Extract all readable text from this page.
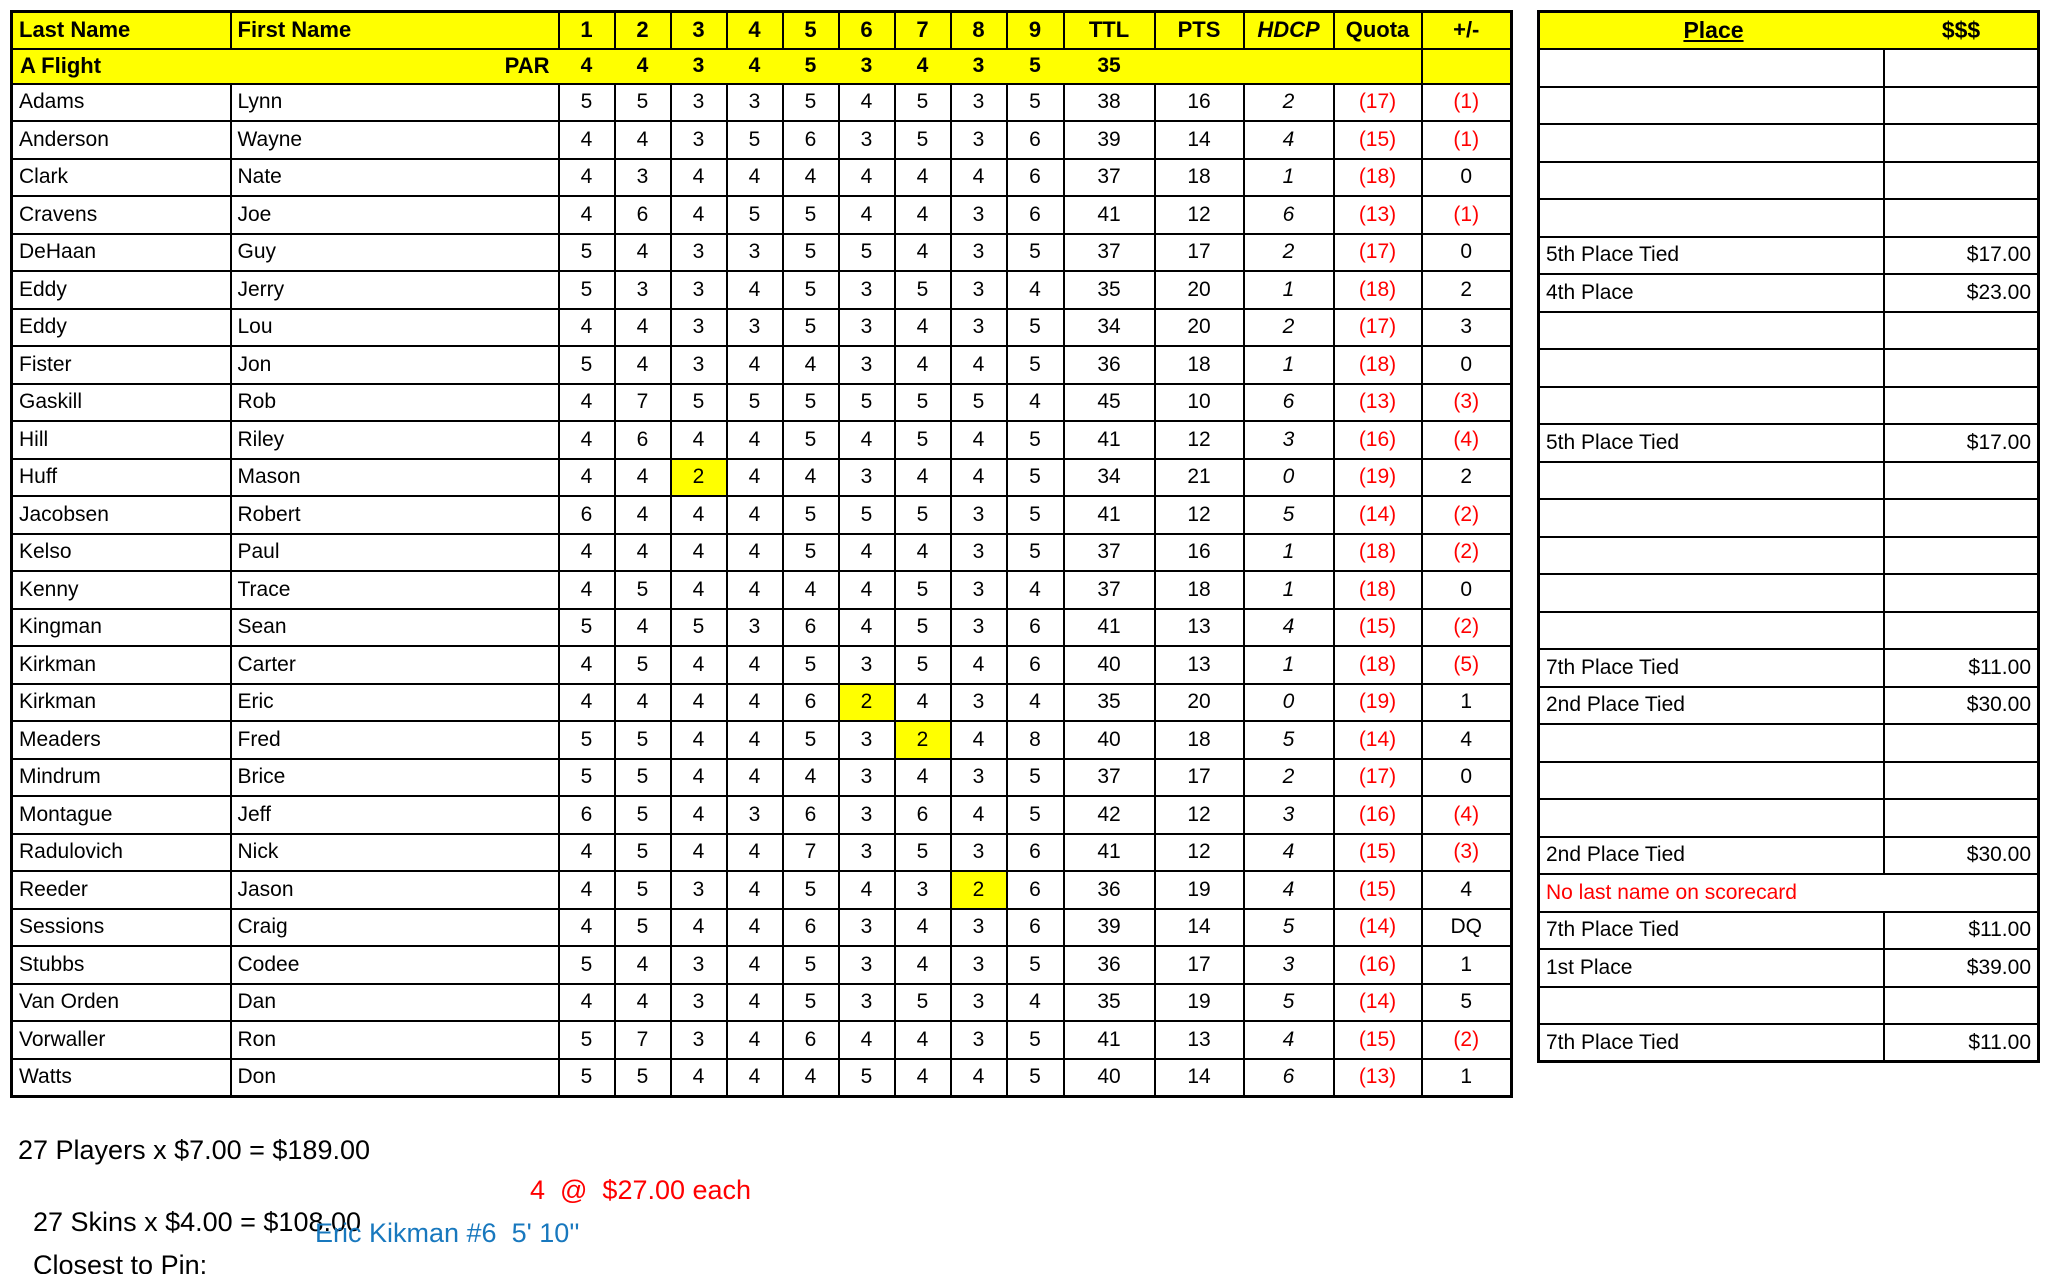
Last Name	First Name	1	2	3	4	5	6	7	8	9	TTL	PTS	HDCP	Quota	+/-

A Flight PAR		4	4	3	4	5	3	4	3	5	35				
Adams	Lynn	5	5	3	3	5	4	5	3	5	38	16	2	(17)	(1)
Anderson	Wayne	4	4	3	5	6	3	5	3	6	39	14	4	(15)	(1)
Clark	Nate	4	3	4	4	4	4	4	4	6	37	18	1	(18)	0
Cravens	Joe	4	6	4	5	5	4	4	3	6	41	12	6	(13)	(1)
DeHaan	Guy	5	4	3	3	5	5	4	3	5	37	17	2	(17)	0
Eddy	Jerry	5	3	3	4	5	3	5	3	4	35	20	1	(18)	2
Eddy	Lou	4	4	3	3	5	3	4	3	5	34	20	2	(17)	3
Fister	Jon	5	4	3	4	4	3	4	4	5	36	18	1	(18)	0
Gaskill	Rob	4	7	5	5	5	5	5	5	4	45	10	6	(13)	(3)
Hill	Riley	4	6	4	4	5	4	5	4	5	41	12	3	(16)	(4)
Huff	Mason	4	4	2	4	4	3	4	4	5	34	21	0	(19)	2
Jacobsen	Robert	6	4	4	4	5	5	5	3	5	41	12	5	(14)	(2)
Kelso	Paul	4	4	4	4	5	4	4	3	5	37	16	1	(18)	(2)
Kenny	Trace	4	5	4	4	4	4	5	3	4	37	18	1	(18)	0
Kingman	Sean	5	4	5	3	6	4	5	3	6	41	13	4	(15)	(2)
Kirkman	Carter	4	5	4	4	5	3	5	4	6	40	13	1	(18)	(5)
Kirkman	Eric	4	4	4	4	6	2	4	3	4	35	20	0	(19)	1
Meaders	Fred	5	5	4	4	5	3	2	4	8	40	18	5	(14)	4
Mindrum	Brice	5	5	4	4	4	3	4	3	5	37	17	2	(17)	0
Montague	Jeff	6	5	4	3	6	3	6	4	5	42	12	3	(16)	(4)
Radulovich	Nick	4	5	4	4	7	3	5	3	6	41	12	4	(15)	(3)
Reeder	Jason	4	5	3	4	5	4	3	2	6	36	19	4	(15)	4
Sessions	Craig	4	5	4	4	6	3	4	3	6	39	14	5	(14)	DQ
Stubbs	Codee	5	4	3	4	5	3	4	3	5	36	17	3	(16)	1
Van Orden	Dan	4	4	3	4	5	3	5	3	4	35	19	5	(14)	5
Vorwaller	Ron	5	7	3	4	6	4	4	3	5	41	13	4	(15)	(2)
Watts	Don	5	5	4	4	4	5	4	4	5	40	14	6	(13)	1
Place $$$	

5th Place Tied	$17.00
4th Place	$23.00

5th Place Tied	$17.00

7th Place Tied	$11.00
2nd Place Tied	$30.00

2nd Place Tied	$30.00
No last name on scorecard	
7th Place Tied	$11.00
1st Place	$39.00

7th Place Tied	$11.00
27 Players x $7.00 = $189.00

27 Skins x $4.00 = $108.00

4  @  $27.00 each

Closest to Pin:

Eric Kikman #6  5' 10''
